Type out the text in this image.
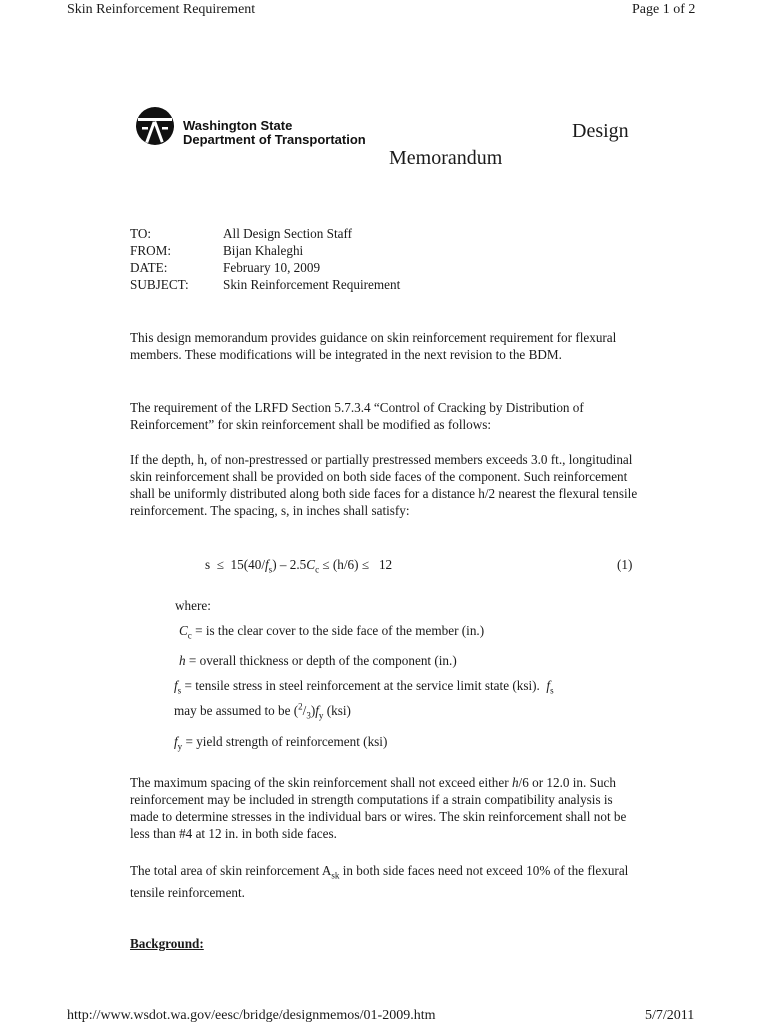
Skin Reinforcement Requirement	Page 1 of 2
Washington State
Department of Transportation	Design
Memorandum
TO:	All Design Section Staff
FROM:	Bijan Khaleghi
DATE:	February 10, 2009
SUBJECT:	Skin Reinforcement Requirement
This design memorandum provides guidance on skin reinforcement requirement for flexural members. These modifications will be integrated in the next revision to the BDM.
The requirement of the LRFD Section 5.7.3.4 “Control of Cracking by Distribution of Reinforcement” for skin reinforcement shall be modified as follows:
If the depth, h, of non-prestressed or partially prestressed members exceeds 3.0 ft., longitudinal skin reinforcement shall be provided on both side faces of the component. Such reinforcement shall be uniformly distributed along both side faces for a distance h/2 nearest the flexural tensile reinforcement. The spacing, s, in inches shall satisfy:
$s \le 15(40/f_s) - 2.5C_c \le (h/6) \le 12$	(1)
where:
$C_c$ = is the clear cover to the side face of the member (in.)
h = overall thickness or depth of the component (in.)
$f_s$ = tensile stress in steel reinforcement at the service limit state (ksi).  $f_s$
may be assumed to be $(^2/_3)f_y$ (ksi)
$f_y$ = yield strength of reinforcement (ksi)
The maximum spacing of the skin reinforcement shall not exceed either h/6 or 12.0 in. Such reinforcement may be included in strength computations if a strain compatibility analysis is made to determine stresses in the individual bars or wires. The skin reinforcement shall not be less than #4 at 12 in. in both side faces.
The total area of skin reinforcement $A_{sk}$ in both side faces need not exceed 10% of the flexural tensile reinforcement.
Background:
http://www.wsdot.wa.gov/eesc/bridge/designmemos/01-2009.htm	5/7/2011
